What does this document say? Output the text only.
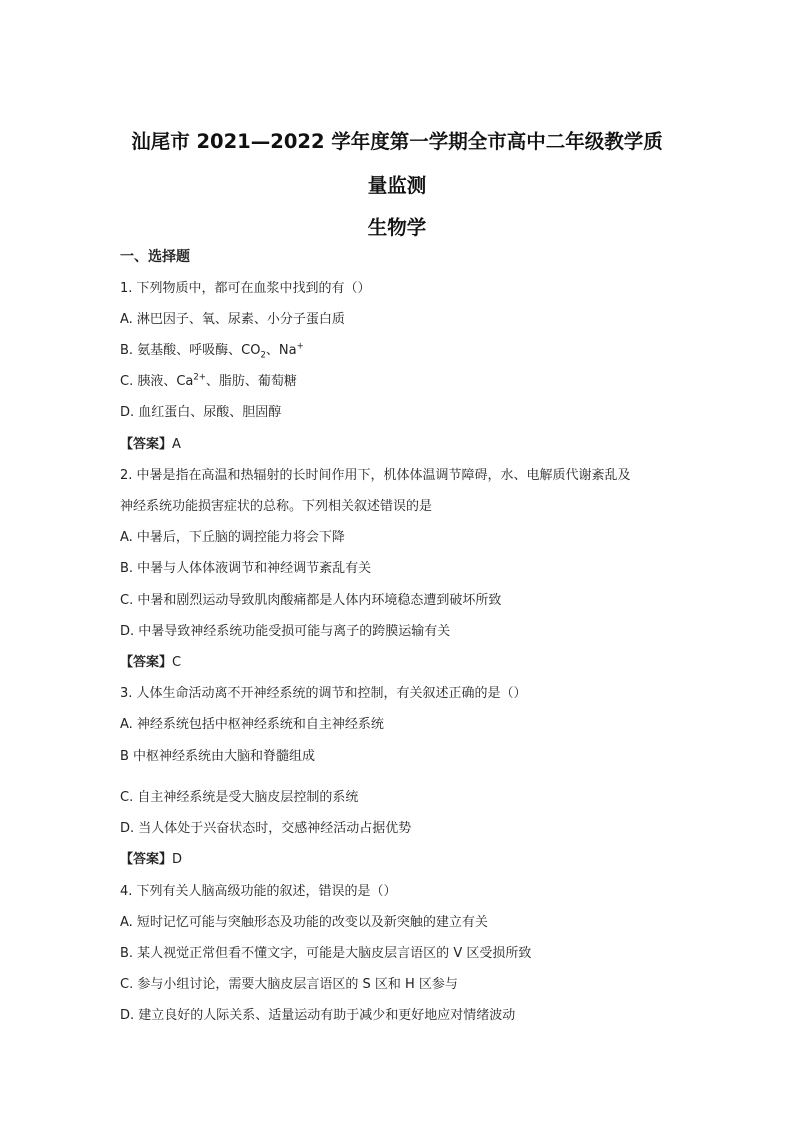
汕尾市 2021—2022 学年度第一学期全市高中二年级教学质
量监测
生物学
一、选择题
1. 下列物质中，都可在血浆中找到的有（）
A. 淋巴因子、氧、尿素、小分子蛋白质
B. 氨基酸、呼吸酶、$CO_2$、Na+
C. 胰液、$Ca^{2+}$、脂肪、葡萄糖
D. 血红蛋白、尿酸、胆固醇
【答案】A
2. 中暑是指在高温和热辐射的长时间作用下，机体体温调节障碍，水、电解质代谢紊乱及
神经系统功能损害症状的总称。下列相关叙述错误的是
A. 中暑后，下丘脑的调控能力将会下降
B. 中暑与人体体液调节和神经调节紊乱有关
C. 中暑和剧烈运动导致肌肉酸痛都是人体内环境稳态遭到破坏所致
D. 中暑导致神经系统功能受损可能与离子的跨膜运输有关
【答案】C
3. 人体生命活动离不开神经系统的调节和控制，有关叙述正确的是（）
A. 神经系统包括中枢神经系统和自主神经系统
B 中枢神经系统由大脑和脊髓组成
C. 自主神经系统是受大脑皮层控制的系统
D. 当人体处于兴奋状态时，交感神经活动占据优势
【答案】D
4. 下列有关人脑高级功能的叙述，错误的是（）
A. 短时记忆可能与突触形态及功能的改变以及新突触的建立有关
B. 某人视觉正常但看不懂文字，可能是大脑皮层言语区的 V 区受损所致
C. 参与小组讨论，需要大脑皮层言语区的 S 区和 H 区参与
D. 建立良好的人际关系、适量运动有助于减少和更好地应对情绪波动
